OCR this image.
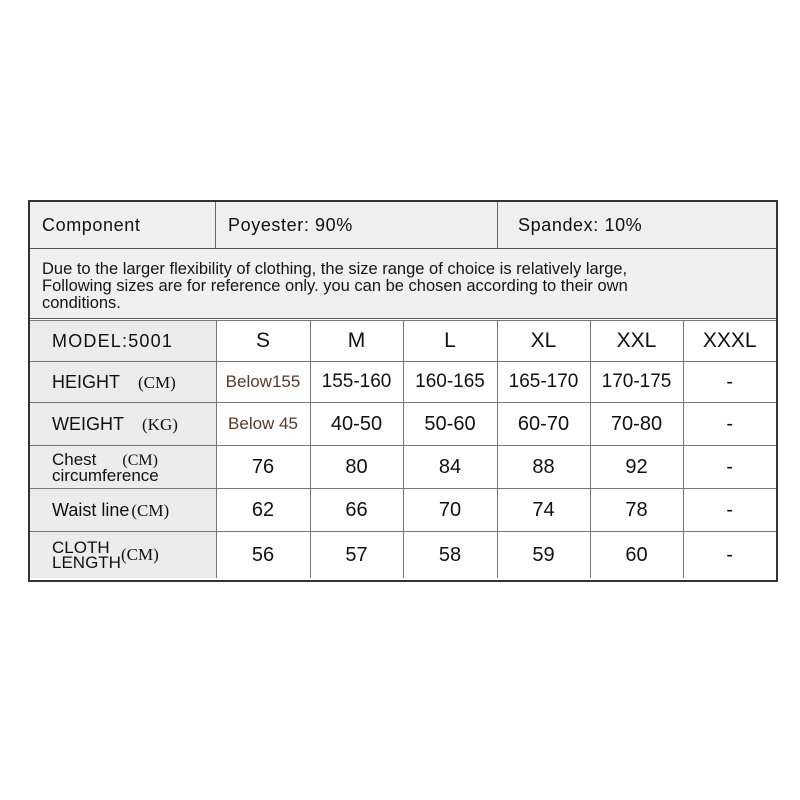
Component	Poyester: 90%	Spandex: 10%
Due to the larger flexibility of clothing, the size range of choice is relatively large,
Following sizes are for reference only. you can be chosen according to their own
conditions.
MODEL:5001	S	M	L	XL	XXL	XXXL
HEIGHT (CM)	Below155	155-160	160-165	165-170	170-175	-
WEIGHT (KG)	Below 45	40-50	50-60	60-70	70-80	-

Chest (CM)
circumference	76	80	84	88	92	-
Waist line (CM)	62	66	70	74	78	-

CLOTH
LENGTH(CM)	56	57	58	59	60	-
